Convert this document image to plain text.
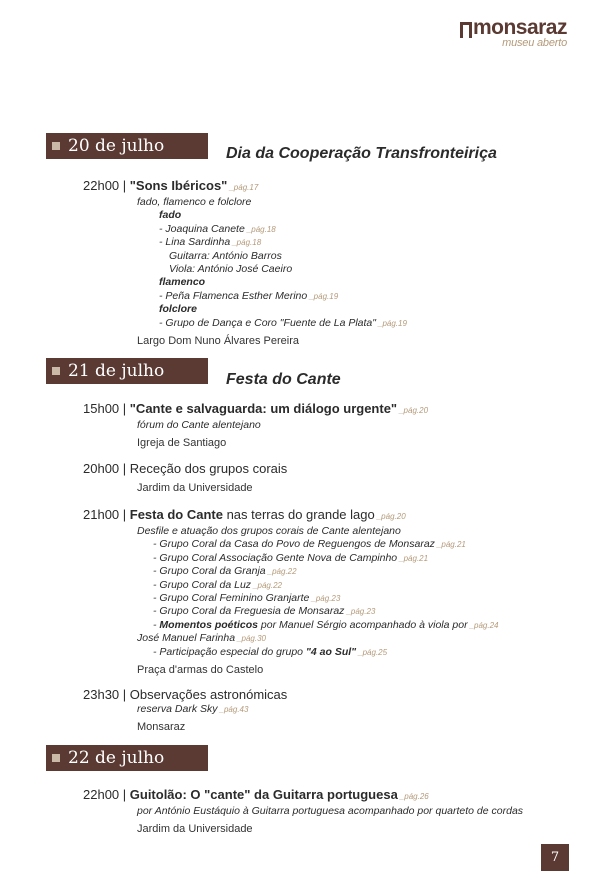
monsaraz
museu aberto
20 de julho	Dia da Cooperação Transfronteiriça
22h00 | "Sons Ibéricos" _pág.17
fado, flamenco e folclore
fado
- Joaquina Canete _pág.18
- Lina Sardinha _pág.18
Guitarra: António Barros
Viola: António José Caeiro
flamenco
- Peña Flamenca Esther Merino _pág.19
folclore
- Grupo de Dança e Coro "Fuente de La Plata" _pág.19
Largo Dom Nuno Álvares Pereira
21 de julho	Festa do Cante
15h00 | "Cante e salvaguarda: um diálogo urgente" _pág.20
fórum do Cante alentejano
Igreja de Santiago
20h00 | Receção dos grupos corais
Jardim da Universidade
21h00 | Festa do Cante nas terras do grande lago _pág.20
Desfile e atuação dos grupos corais de Cante alentejano
- Grupo Coral da Casa do Povo de Reguengos de Monsaraz _pág.21
- Grupo Coral Associação Gente Nova de Campinho _pág.21
- Grupo Coral da Granja _pág.22
- Grupo Coral da Luz _pág.22
- Grupo Coral Feminino Granjarte _pág.23
- Grupo Coral da Freguesia de Monsaraz _pág.23
- Momentos poéticos por Manuel Sérgio acompanhado à viola por _pág.24
José Manuel Farinha _pág.30
- Participação especial do grupo "4 ao Sul" _pág.25
Praça d'armas do Castelo
23h30 | Observações astronómicas
reserva Dark Sky _pág.43
Monsaraz
22 de julho
22h00 | Guitolão: O "cante" da Guitarra portuguesa _pág.26
por António Eustáquio à Guitarra portuguesa acompanhado por quarteto de cordas
Jardim da Universidade
7
